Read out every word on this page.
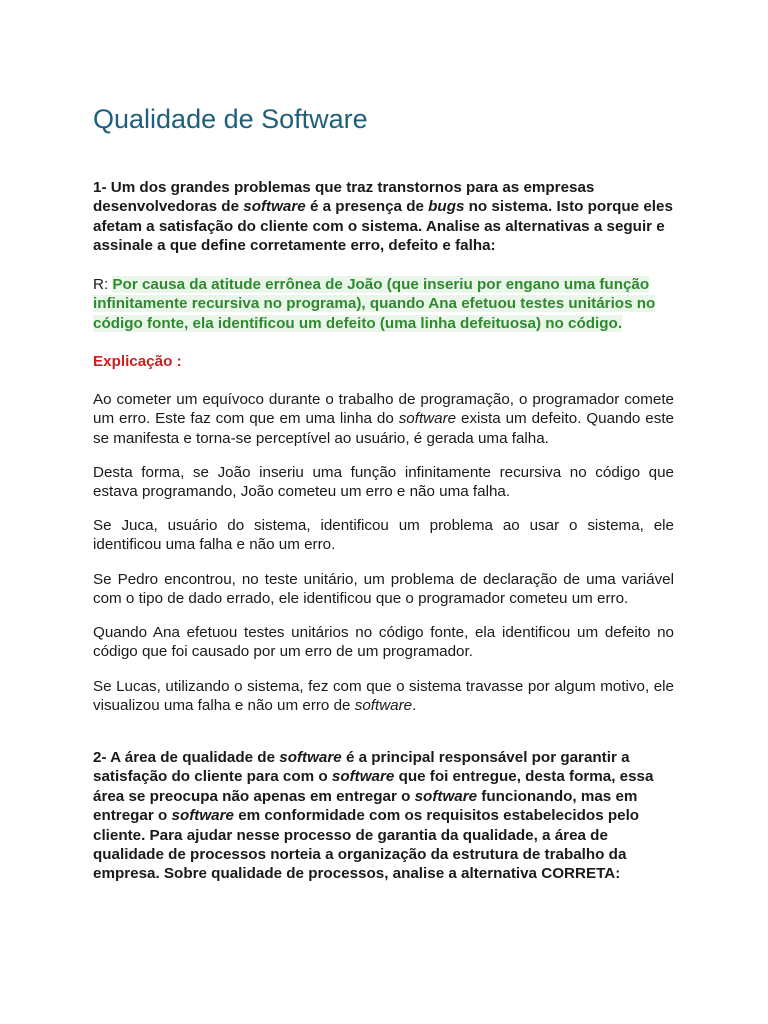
Qualidade de Software

1- Um dos grandes problemas que traz transtornos para as empresas desenvolvedoras de software é a presença de bugs no sistema. Isto porque eles afetam a satisfação do cliente com o sistema. Analise as alternativas a seguir e assinale a que define corretamente erro, defeito e falha:

R: Por causa da atitude errônea de João (que inseriu por engano uma função infinitamente recursiva no programa), quando Ana efetuou testes unitários no código fonte, ela identificou um defeito (uma linha defeituosa) no código.

Explicação :

Ao cometer um equívoco durante o trabalho de programação, o programador comete um erro. Este faz com que em uma linha do software exista um defeito. Quando este se manifesta e torna-se perceptível ao usuário, é gerada uma falha.

Desta forma, se João inseriu uma função infinitamente recursiva no código que estava programando, João cometeu um erro e não uma falha.

Se Juca, usuário do sistema, identificou um problema ao usar o sistema, ele identificou uma falha e não um erro.

Se Pedro encontrou, no teste unitário, um problema de declaração de uma variável com o tipo de dado errado, ele identificou que o programador cometeu um erro.

Quando Ana efetuou testes unitários no código fonte, ela identificou um defeito no código que foi causado por um erro de um programador.

Se Lucas, utilizando o sistema, fez com que o sistema travasse por algum motivo, ele visualizou uma falha e não um erro de software.

2- A área de qualidade de software é a principal responsável por garantir a satisfação do cliente para com o software que foi entregue, desta forma, essa área se preocupa não apenas em entregar o software funcionando, mas em entregar o software em conformidade com os requisitos estabelecidos pelo cliente. Para ajudar nesse processo de garantia da qualidade, a área de qualidade de processos norteia a organização da estrutura de trabalho da empresa. Sobre qualidade de processos, analise a alternativa CORRETA:
